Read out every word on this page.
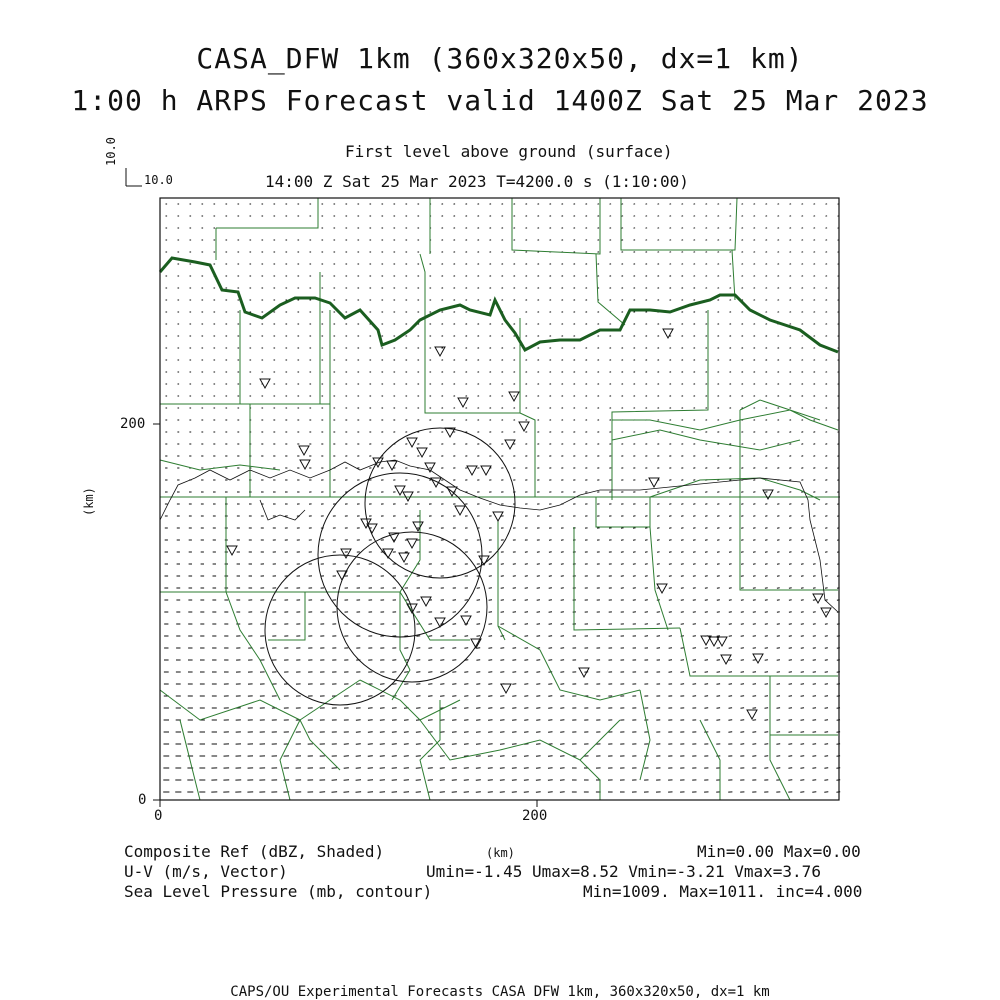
CASA_DFW 1km (360x320x50, dx=1 km)
1:00 h ARPS Forecast valid 1400Z Sat 25 Mar 2023
First level above ground (surface)
14:00 Z Sat 25 Mar 2023 T=4200.0 s (1:10:00)
10.0
10.0
0	200
0
200
(km)
Composite Ref (dBZ, Shaded)	Min=0.00 Max=0.00
(km)
U-V (m/s, Vector)	Umin=-1.45 Umax=8.52 Vmin=-3.21 Vmax=3.76
Sea Level Pressure (mb, contour)	Min=1009. Max=1011. inc=4.000
CAPS/OU Experimental Forecasts CASA DFW 1km, 360x320x50, dx=1 km
